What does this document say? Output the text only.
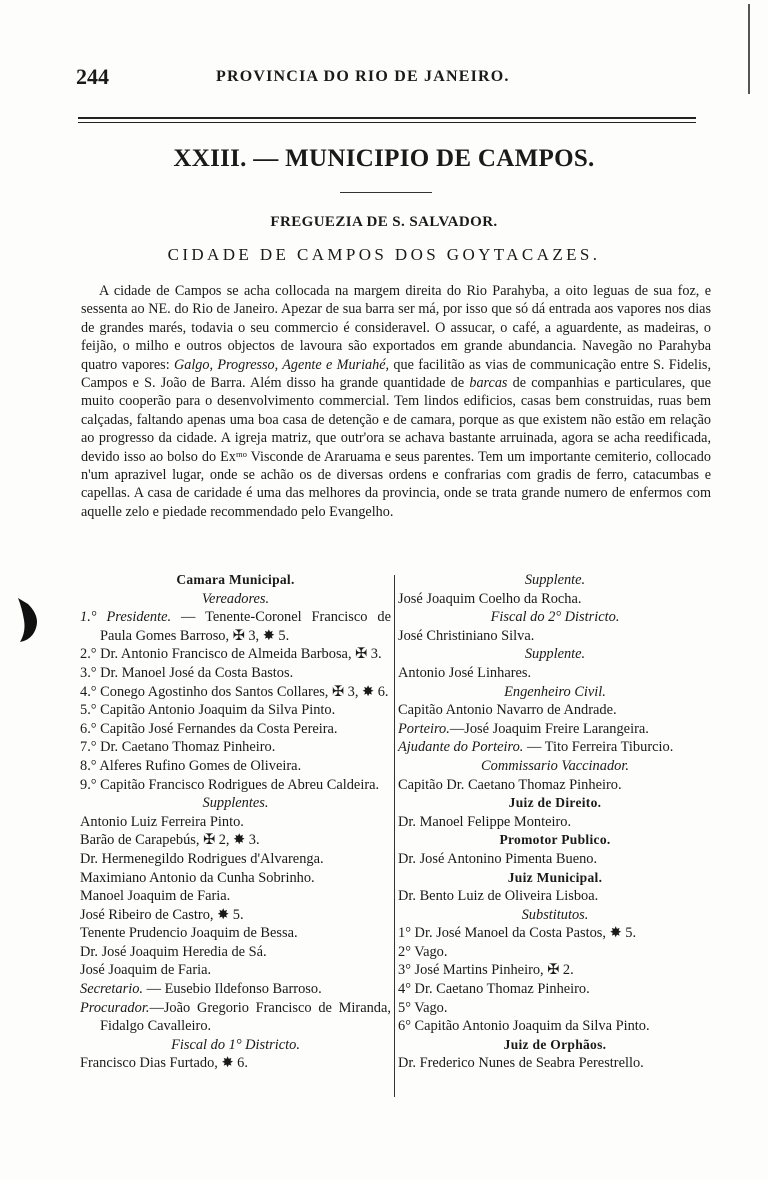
244	PROVINCIA DO RIO DE JANEIRO.
XXIII. — MUNICIPIO DE CAMPOS.
FREGUEZIA DE S. SALVADOR.
CIDADE DE CAMPOS DOS GOYTACAZES.

A cidade de Campos se acha collocada na margem direita do Rio Parahyba, a oito leguas de sua foz, e sessenta ao NE. do Rio de Janeiro. Apezar de sua barra ser má, por isso que só dá entrada aos vapores nos dias de grandes marés, todavia o seu commercio é consideravel. O assucar, o café, a aguardente, as madeiras, o feijão, o milho e outros objectos de lavoura são exportados em grande abundancia. Navegão no Parahyba quatro vapores: Galgo, Progresso, Agente e Muriahé, que facilitão as vias de communicação entre S. Fidelis, Campos e S. João de Barra. Além disso ha grande quantidade de barcas de companhias e particulares, que muito cooperão para o desenvolvimento commercial. Tem lindos edificios, casas bem construidas, ruas bem calçadas, faltando apenas uma boa casa de detenção e de camara, porque as que existem não estão em relação ao progresso da cidade. A igreja matriz, que outr'ora se achava bastante arruinada, agora se acha reedificada, devido isso ao bolso do Exᵐᵒ Visconde de Araruama e seus parentes. Tem um importante cemiterio, collocado n'um aprazivel lugar, onde se achão os de diversas ordens e confrarias com gradis de ferro, catacumbas e capellas. A casa de caridade é uma das melhores da provincia, onde se trata grande numero de enfermos com aquelle zelo e piedade recommendado pelo Evangelho.

Camara Municipal.
Vereadores.
1.° Presidente. — Tenente-Coronel Francisco de Paula Gomes Barroso, ✠ 3, ✸ 5.
2.° Dr. Antonio Francisco de Almeida Barbosa, ✠ 3.
3.° Dr. Manoel José da Costa Bastos.
4.° Conego Agostinho dos Santos Collares, ✠ 3, ✸ 6.
5.° Capitão Antonio Joaquim da Silva Pinto.
6.° Capitão José Fernandes da Costa Pereira.
7.° Dr. Caetano Thomaz Pinheiro.
8.° Alferes Rufino Gomes de Oliveira.
9.° Capitão Francisco Rodrigues de Abreu Caldeira.
Supplentes.
Antonio Luiz Ferreira Pinto.
Barão de Carapebús, ✠ 2, ✸ 3.
Dr. Hermenegildo Rodrigues d'Alvarenga.
Maximiano Antonio da Cunha Sobrinho.
Manoel Joaquim de Faria.
José Ribeiro de Castro, ✸ 5.
Tenente Prudencio Joaquim de Bessa.
Dr. José Joaquim Heredia de Sá.
José Joaquim de Faria.
Secretario. — Eusebio Ildefonso Barroso.
Procurador.—João Gregorio Francisco de Miranda, Fidalgo Cavalleiro.
Fiscal do 1° Districto.
Francisco Dias Furtado, ✸ 6.
Supplente.
José Joaquim Coelho da Rocha.
Fiscal do 2° Districto.
José Christiniano Silva.
Supplente.
Antonio José Linhares.
Engenheiro Civil.
Capitão Antonio Navarro de Andrade.
Porteiro.—José Joaquim Freire Larangeira.
Ajudante do Porteiro. — Tito Ferreira Tiburcio.
Commissario Vaccinador.
Capitão Dr. Caetano Thomaz Pinheiro.
Juiz de Direito.
Dr. Manoel Felippe Monteiro.
Promotor Publico.
Dr. José Antonino Pimenta Bueno.
Juiz Municipal.
Dr. Bento Luiz de Oliveira Lisboa.
Substitutos.
1° Dr. José Manoel da Costa Pastos, ✸ 5.
2° Vago.
3° José Martins Pinheiro, ✠ 2.
4° Dr. Caetano Thomaz Pinheiro.
5° Vago.
6° Capitão Antonio Joaquim da Silva Pinto.
Juiz de Orphãos.
Dr. Frederico Nunes de Seabra Perestrello.
